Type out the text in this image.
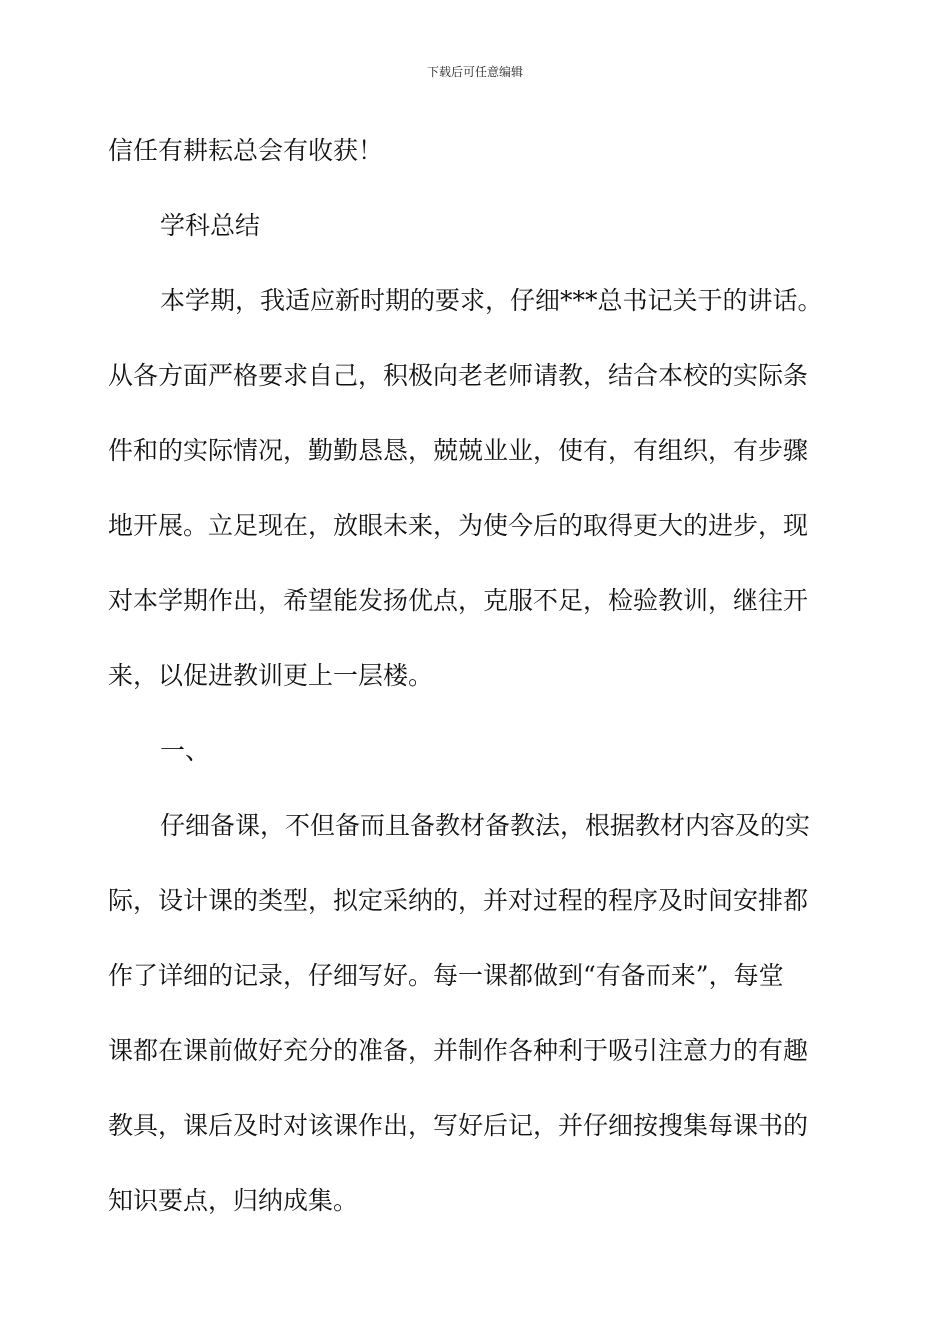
下载后可任意编辑
信任有耕耘总会有收获！
学科总结
本学期，我适应新时期的要求，仔细***总书记关于的讲话。
从各方面严格要求自己，积极向老老师请教，结合本校的实际条
件和的实际情况，勤勤恳恳，兢兢业业，使有，有组织，有步骤
地开展。立足现在，放眼未来，为使今后的取得更大的进步，现
对本学期作出，希望能发扬优点，克服不足，检验教训，继往开
来，以促进教训更上一层楼。
一、
仔细备课，不但备而且备教材备教法，根据教材内容及的实
际，设计课的类型，拟定采纳的，并对过程的程序及时间安排都
作了详细的记录，仔细写好。每一课都做到“有备而来”，每堂
课都在课前做好充分的准备，并制作各种利于吸引注意力的有趣
教具，课后及时对该课作出，写好后记，并仔细按搜集每课书的
知识要点，归纳成集。
